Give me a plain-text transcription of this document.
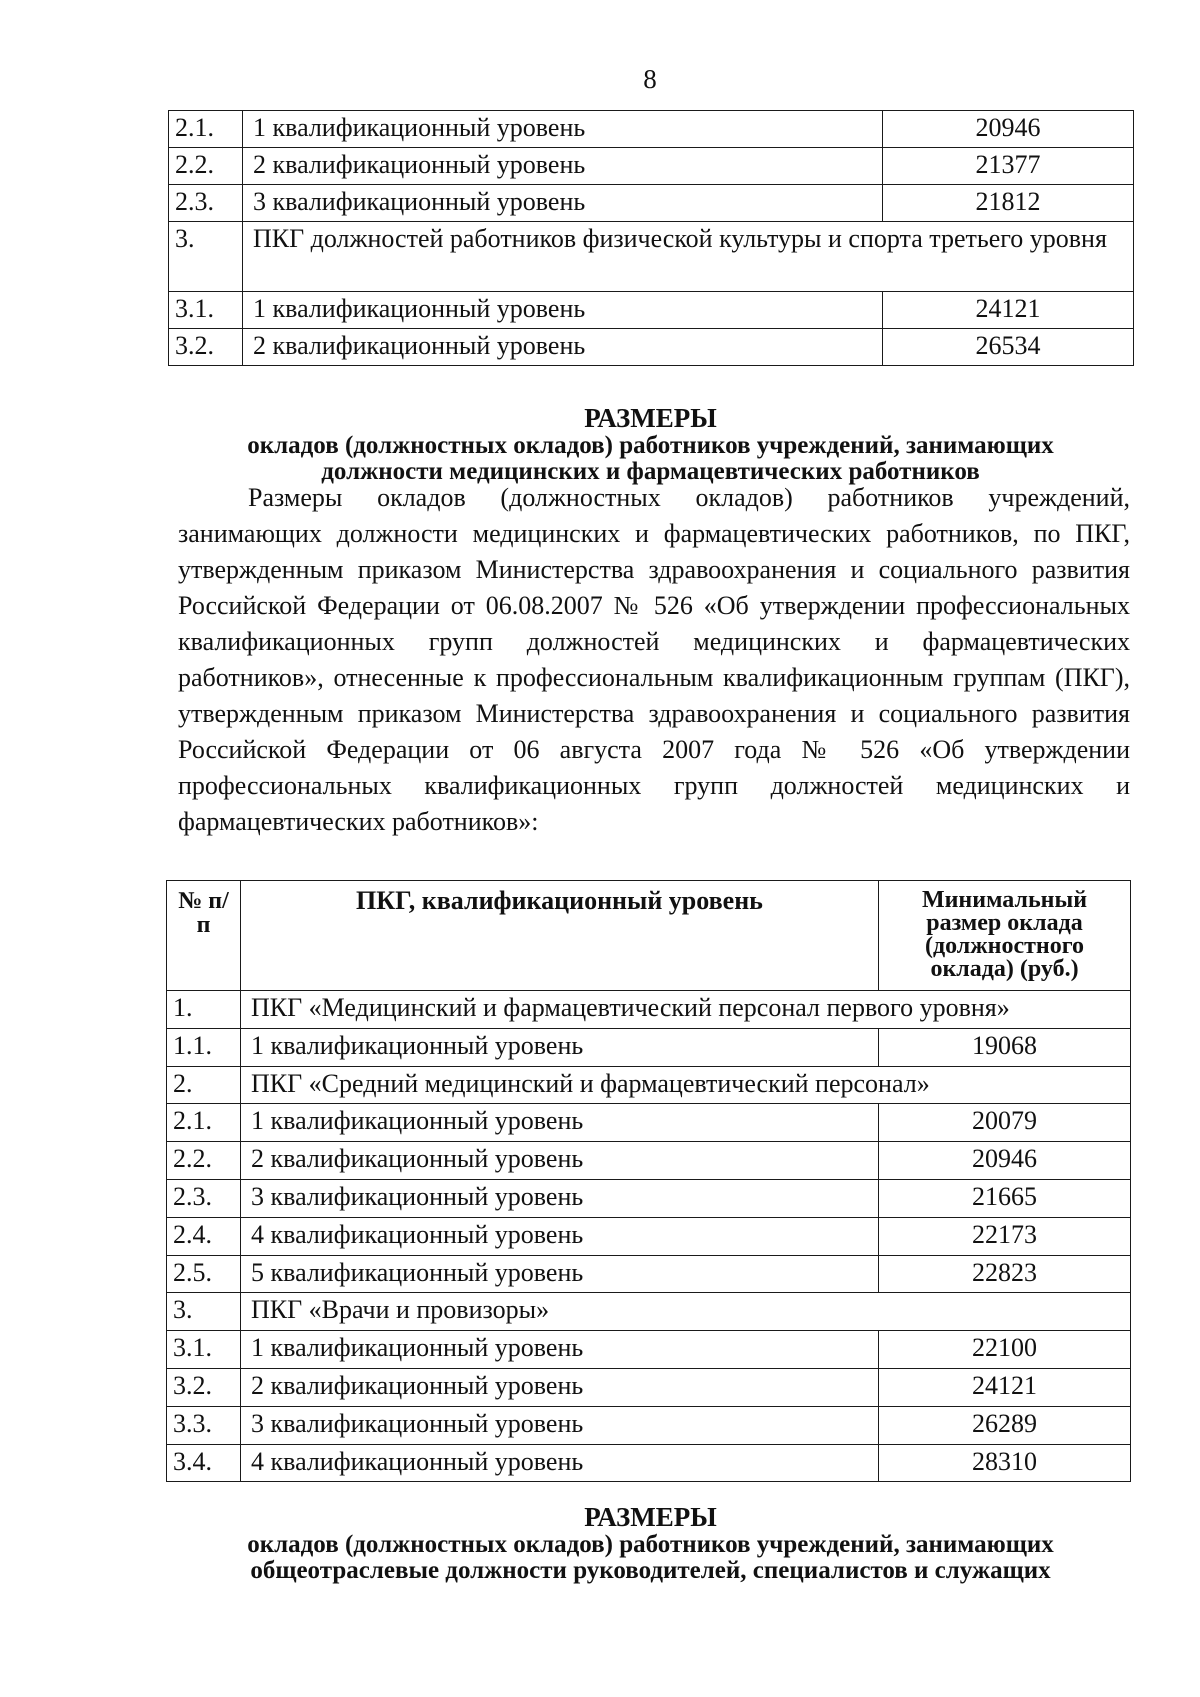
8
2.1.	1 квалификационный уровень	20946
2.2.	2 квалификационный уровень	21377
2.3.	3 квалификационный уровень	21812
3.	ПКГ должностей работников физической культуры и спорта третьего уровня	
3.1.	1 квалификационный уровень	24121
3.2.	2 квалификационный уровень	26534
РАЗМЕРЫ
окладов (должностных окладов) работников учреждений, занимающих
должности медицинских и фармацевтических работников
Размеры окладов (должностных окладов) работников учреждений, занимающих должности медицинских и фармацевтических работников, по ПКГ, утвержденным приказом Министерства здравоохранения и социального развития Российской Федерации от 06.08.2007 № 526 «Об утверждении профессиональных квалификационных групп должностей медицинских и фармацевтических работников», отнесенные к профессиональным квалификационным группам (ПКГ), утвержденным приказом Министерства здравоохранения и социального развития Российской Федерации от 06 августа 2007 года № 526 «Об утверждении профессиональных квалификационных групп должностей медицинских и фармацевтических работников»:
№ п/п	ПКГ, квалификационный уровень	Минимальный размер оклада (должностного оклада) (руб.)
1.	ПКГ «Медицинский и фармацевтический персонал первого уровня»	
1.1.	1 квалификационный уровень	19068
2.	ПКГ «Средний медицинский и фармацевтический персонал»	
2.1.	1 квалификационный уровень	20079
2.2.	2 квалификационный уровень	20946
2.3.	3 квалификационный уровень	21665
2.4.	4 квалификационный уровень	22173
2.5.	5 квалификационный уровень	22823
3.	ПКГ «Врачи и провизоры»	
3.1.	1 квалификационный уровень	22100
3.2.	2 квалификационный уровень	24121
3.3.	3 квалификационный уровень	26289
3.4.	4 квалификационный уровень	28310
РАЗМЕРЫ
окладов (должностных окладов) работников учреждений, занимающих
общеотраслевые должности руководителей, специалистов и служащих
